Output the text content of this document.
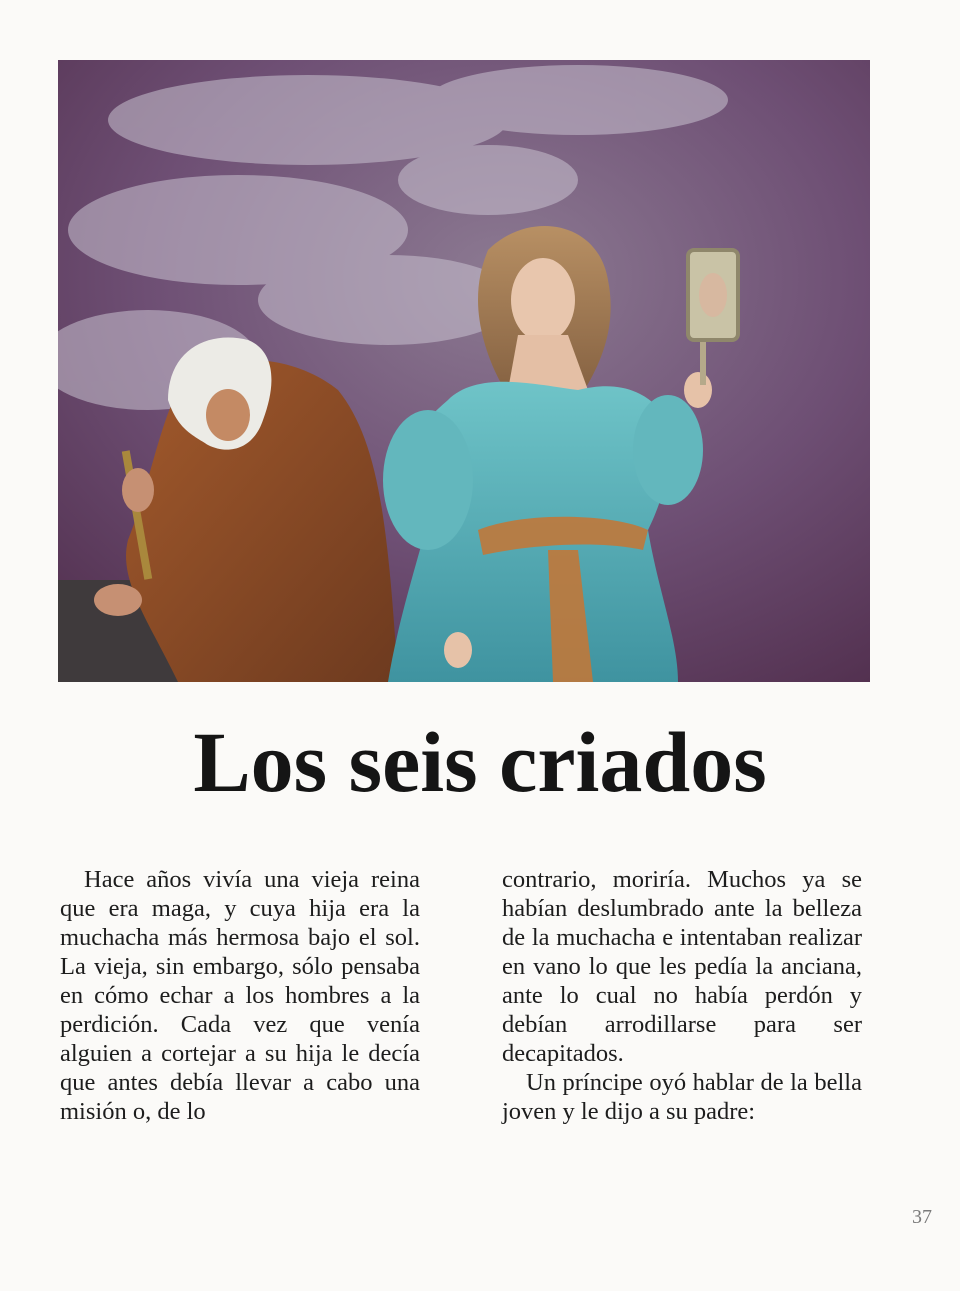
Los seis criados

Hace años vivía una vieja reina que era maga, y cuya hija era la muchacha más hermosa bajo el sol. La vieja, sin embargo, sólo pensaba en cómo echar a los hombres a la perdición. Cada vez que venía alguien a cortejar a su hija le decía que antes debía llevar a cabo una misión o, de lo

contrario, moriría. Muchos ya se habían deslumbrado ante la belleza de la muchacha e intentaban realizar en vano lo que les pedía la anciana, ante lo cual no había perdón y debían arrodillarse para ser decapitados.

Un príncipe oyó hablar de la bella joven y le dijo a su padre:

37
